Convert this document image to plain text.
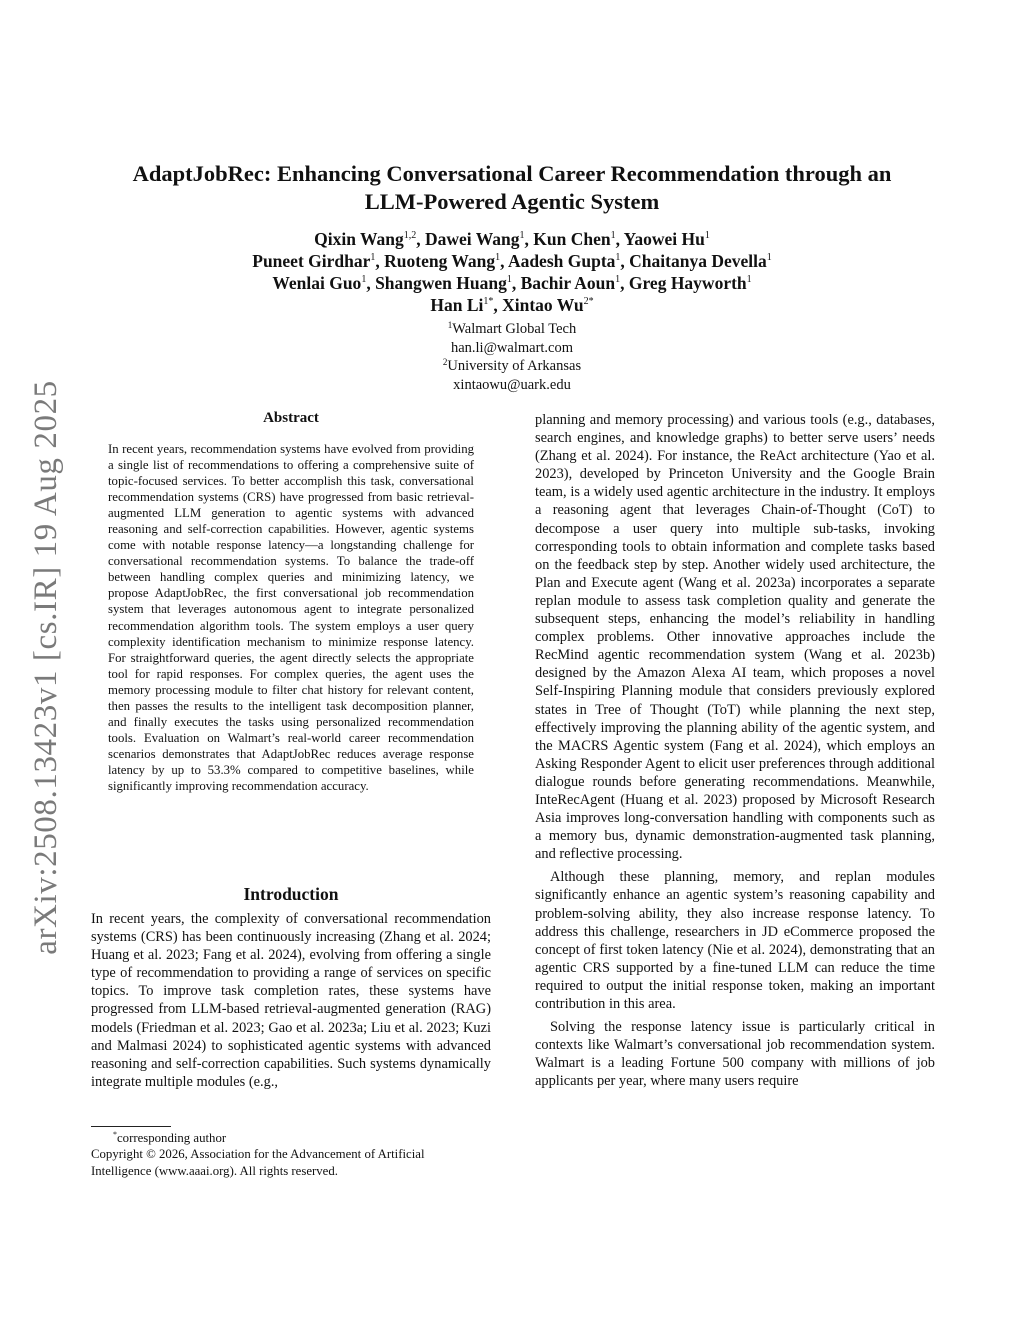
arXiv:2508.13423v1 [cs.IR] 19 Aug 2025
AdaptJobRec: Enhancing Conversational Career Recommendation through an
LLM-Powered Agentic System
Qixin Wang$^{1,2}$, Dawei Wang$^1$, Kun Chen$^1$, Yaowei Hu$^1$
Puneet Girdhar$^1$, Ruoteng Wang$^1$, Aadesh Gupta$^1$, Chaitanya Devella$^1$
Wenlai Guo$^1$, Shangwen Huang$^1$, Bachir Aoun$^1$, Greg Hayworth$^1$
Han $Li^{1*}$, Xintao $Wu^{2*}$
$^1$Walmart Global Tech
han.li@walmart.com
$^2$University of Arkansas
xintaowu@uark.edu
Abstract

In recent years, recommendation systems have evolved from providing a single list of recommendations to offering a comprehensive suite of topic-focused services. To better accomplish this task, conversational recommendation systems (CRS) have progressed from basic retrieval-augmented LLM generation to agentic systems with advanced reasoning and self-correction capabilities. However, agentic systems come with notable response latency—a longstanding challenge for conversational recommendation systems. To balance the trade-off between handling complex queries and minimizing latency, we propose AdaptJobRec, the first conversational job recommendation system that leverages autonomous agent to integrate personalized recommendation algorithm tools. The system employs a user query complexity identification mechanism to minimize response latency. For straightforward queries, the agent directly selects the appropriate tool for rapid responses. For complex queries, the agent uses the memory processing module to filter chat history for relevant content, then passes the results to the intelligent task decomposition planner, and finally executes the tasks using personalized recommendation tools. Evaluation on Walmart’s real-world career recommendation scenarios demonstrates that AdaptJobRec reduces average response latency by up to 53.3% compared to competitive baselines, while significantly improving recommendation accuracy.

Introduction

In recent years, the complexity of conversational recommendation systems (CRS) has been continuously increasing (Zhang et al. 2024; Huang et al. 2023; Fang et al. 2024), evolving from offering a single type of recommendation to providing a range of services on specific topics. To improve task completion rates, these systems have progressed from LLM-based retrieval-augmented generation (RAG) models (Friedman et al. 2023; Gao et al. 2023a; Liu et al. 2023; Kuzi and Malmasi 2024) to sophisticated agentic systems with advanced reasoning and self-correction capabilities. Such systems dynamically integrate multiple modules (e.g.,

*corresponding author
Copyright © 2026, Association for the Advancement of Artificial
Intelligence (www.aaai.org). All rights reserved.

planning and memory processing) and various tools (e.g., databases, search engines, and knowledge graphs) to better serve users’ needs (Zhang et al. 2024). For instance, the ReAct architecture (Yao et al. 2023), developed by Princeton University and the Google Brain team, is a widely used agentic architecture in the industry. It employs a reasoning agent that leverages Chain-of-Thought (CoT) to decompose a user query into multiple sub-tasks, invoking corresponding tools to obtain information and complete tasks based on the feedback step by step. Another widely used architecture, the Plan and Execute agent (Wang et al. 2023a) incorporates a separate replan module to assess task completion quality and generate the subsequent steps, enhancing the model’s reliability in handling complex problems. Other innovative approaches include the RecMind agentic recommendation system (Wang et al. 2023b) designed by the Amazon Alexa AI team, which proposes a novel Self-Inspiring Planning module that considers previously explored states in Tree of Thought (ToT) while planning the next step, effectively improving the planning ability of the agentic system, and the MACRS Agentic system (Fang et al. 2024), which employs an Asking Responder Agent to elicit user preferences through additional dialogue rounds before generating recommendations. Meanwhile, InteRecAgent (Huang et al. 2023) proposed by Microsoft Research Asia improves long-conversation handling with components such as a memory bus, dynamic demonstration-augmented task planning, and reflective processing.

Although these planning, memory, and replan modules significantly enhance an agentic system’s reasoning capability and problem-solving ability, they also increase response latency. To address this challenge, researchers in JD eCommerce proposed the concept of first token latency (Nie et al. 2024), demonstrating that an agentic CRS supported by a fine-tuned LLM can reduce the time required to output the initial response token, making an important contribution in this area.

Solving the response latency issue is particularly critical in contexts like Walmart’s conversational job recommendation system. Walmart is a leading Fortune 500 company with millions of job applicants per year, where many users require
